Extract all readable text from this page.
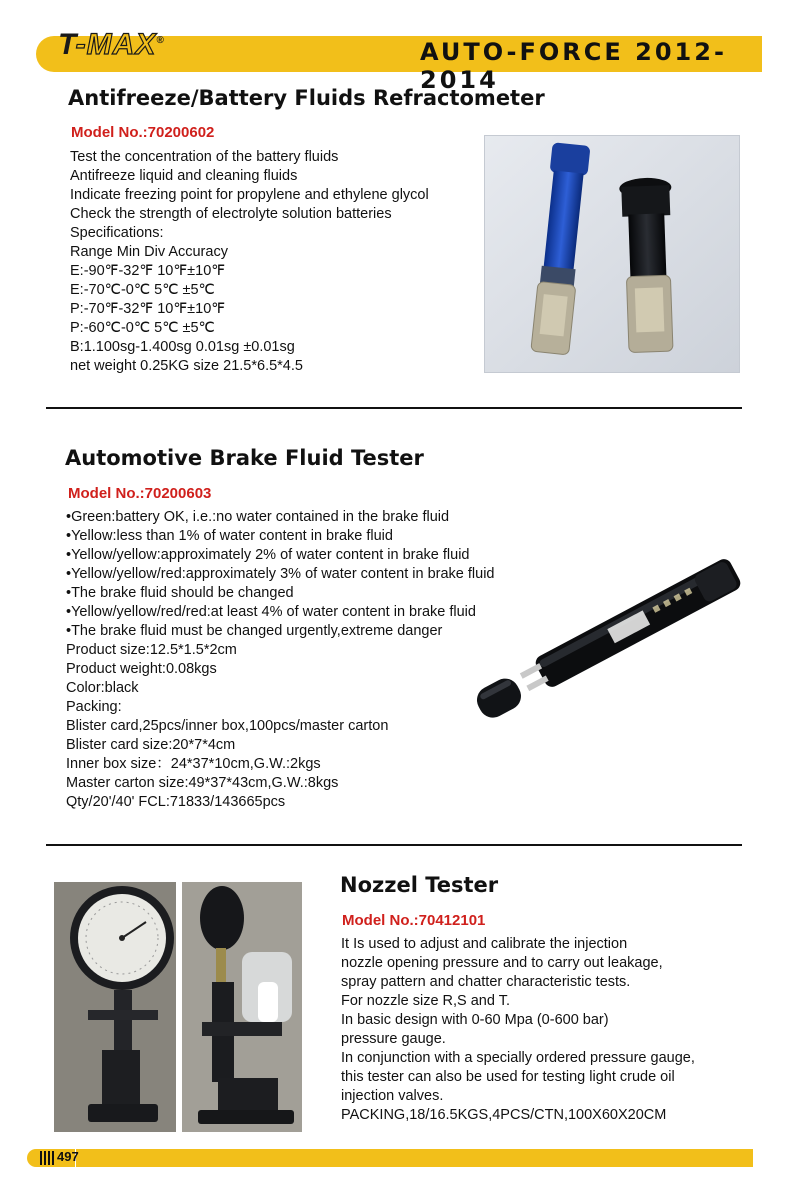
T-MAX®	AUTO-FORCE 2012-2014
Antifreeze/Battery Fluids Refractometer
Model No.:70200602
Test the concentration of the battery fluids
Antifreeze liquid and cleaning fluids
Indicate freezing point for propylene and ethylene glycol
Check the strength of electrolyte solution batteries
Specifications:
Range Min Div Accuracy
E:-90℉-32℉ 10℉±10℉
E:-70℃-0℃ 5℃ ±5℃
P:-70℉-32℉ 10℉±10℉
P:-60℃-0℃ 5℃ ±5℃
B:1.100sg-1.400sg 0.01sg ±0.01sg
net weight 0.25KG size 21.5*6.5*4.5
Automotive Brake Fluid Tester
Model No.:70200603
•Green:battery OK, i.e.:no water contained in the brake fluid
•Yellow:less than 1% of water content in brake fluid
•Yellow/yellow:approximately 2% of water content in brake fluid
•Yellow/yellow/red:approximately 3% of water content in brake fluid
•The brake fluid should be changed
•Yellow/yellow/red/red:at least 4% of water content in brake fluid
•The brake fluid must be changed urgently,extreme danger
Product size:12.5*1.5*2cm
Product weight:0.08kgs
Color:black
Packing:
Blister card,25pcs/inner box,100pcs/master carton
Blister card size:20*7*4cm
Inner box size：24*37*10cm,G.W.:2kgs
Master carton size:49*37*43cm,G.W.:8kgs
Qty/20'/40' FCL:71833/143665pcs
Nozzel Tester
Model No.:70412101
It Is used to adjust and calibrate the injection
nozzle opening pressure and to carry out leakage,
spray pattern and chatter characteristic tests.
For nozzle size R,S and T.
In basic design with 0-60 Mpa (0-600 bar)
pressure gauge.
In conjunction with a specially ordered pressure gauge,
this tester can also be used for testing light crude oil
injection valves.
PACKING,18/16.5KGS,4PCS/CTN,100X60X20CM
497
